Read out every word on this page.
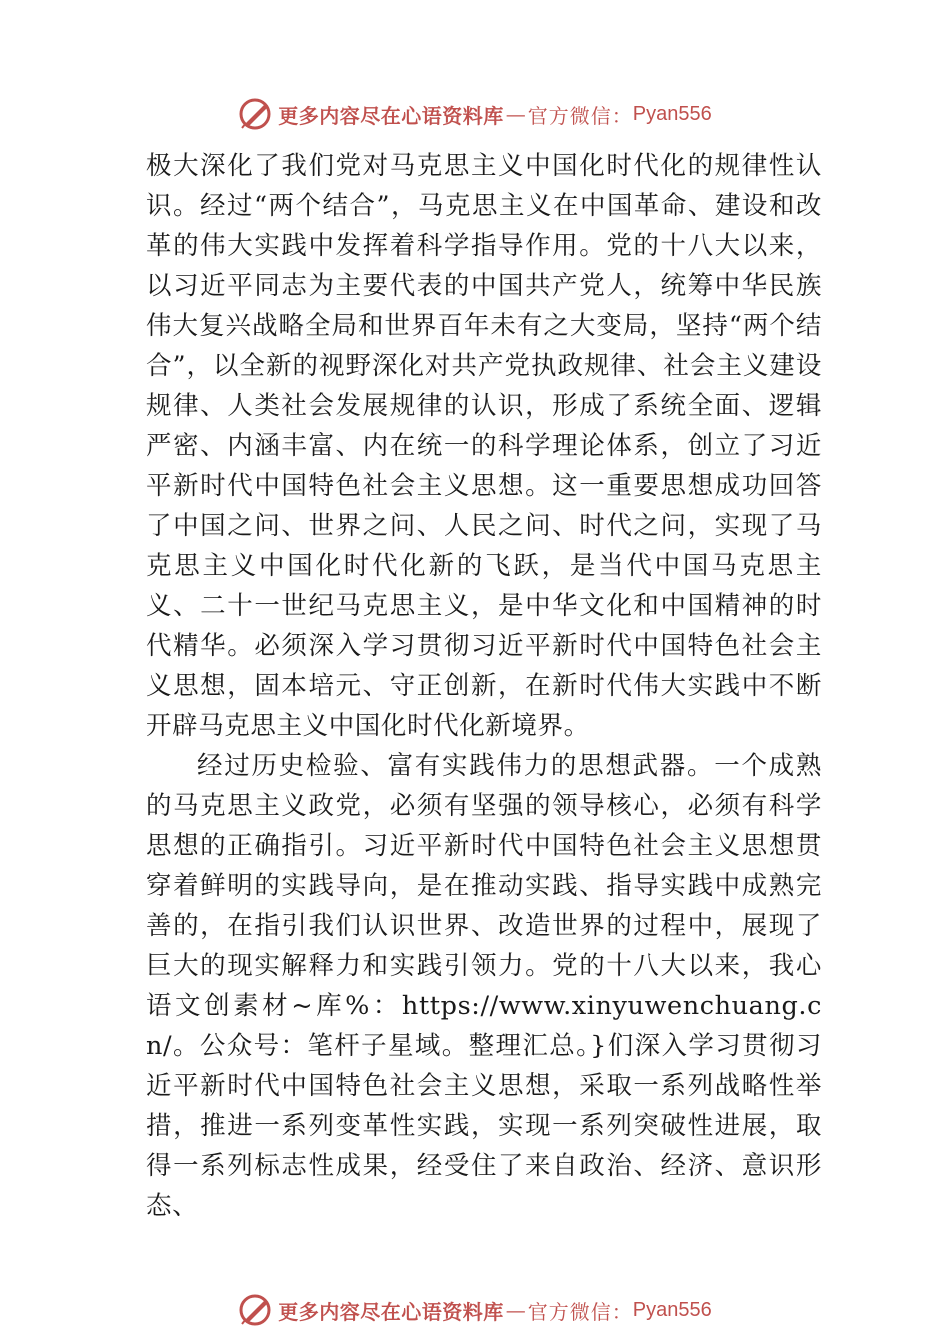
更多内容尽在心语资料库 — 官方微信： Pyan556

极大深化了我们党对马克思主义中国化时代化的规律性认识。经过“两个结合”，马克思主义在中国革命、建设和改革的伟大实践中发挥着科学指导作用。党的十八大以来，以习近平同志为主要代表的中国共产党人，统筹中华民族伟大复兴战略全局和世界百年未有之大变局，坚持“两个结合”，以全新的视野深化对共产党执政规律、社会主义建设规律、人类社会发展规律的认识，形成了系统全面、逻辑严密、内涵丰富、内在统一的科学理论体系，创立了习近平新时代中国特色社会主义思想。这一重要思想成功回答了中国之问、世界之问、人民之问、时代之问，实现了马克思主义中国化时代化新的飞跃，是当代中国马克思主义、二十一世纪马克思主义，是中华文化和中国精神的时代精华。必须深入学习贯彻习近平新时代中国特色社会主义思想，固本培元、守正创新，在新时代伟大实践中不断开辟马克思主义中国化时代化新境界。

经过历史检验、富有实践伟力的思想武器。一个成熟的马克思主义政党，必须有坚强的领导核心，必须有科学思想的正确指引。习近平新时代中国特色社会主义思想贯穿着鲜明的实践导向，是在推动实践、指导实践中成熟完善的，在指引我们认识世界、改造世界的过程中，展现了巨大的现实解释力和实践引领力。党的十八大以来，我心语文创素材~库%：https://www.xinyuwenchuang.cn/。公众号：笔杆子星域。整理汇总。}们深入学习贯彻习近平新时代中国特色社会主义思想，采取一系列战略性举措，推进一系列变革性实践，实现一系列突破性进展，取得一系列标志性成果，经受住了来自政治、经济、意识形态、

更多内容尽在心语资料库 — 官方微信： Pyan556
